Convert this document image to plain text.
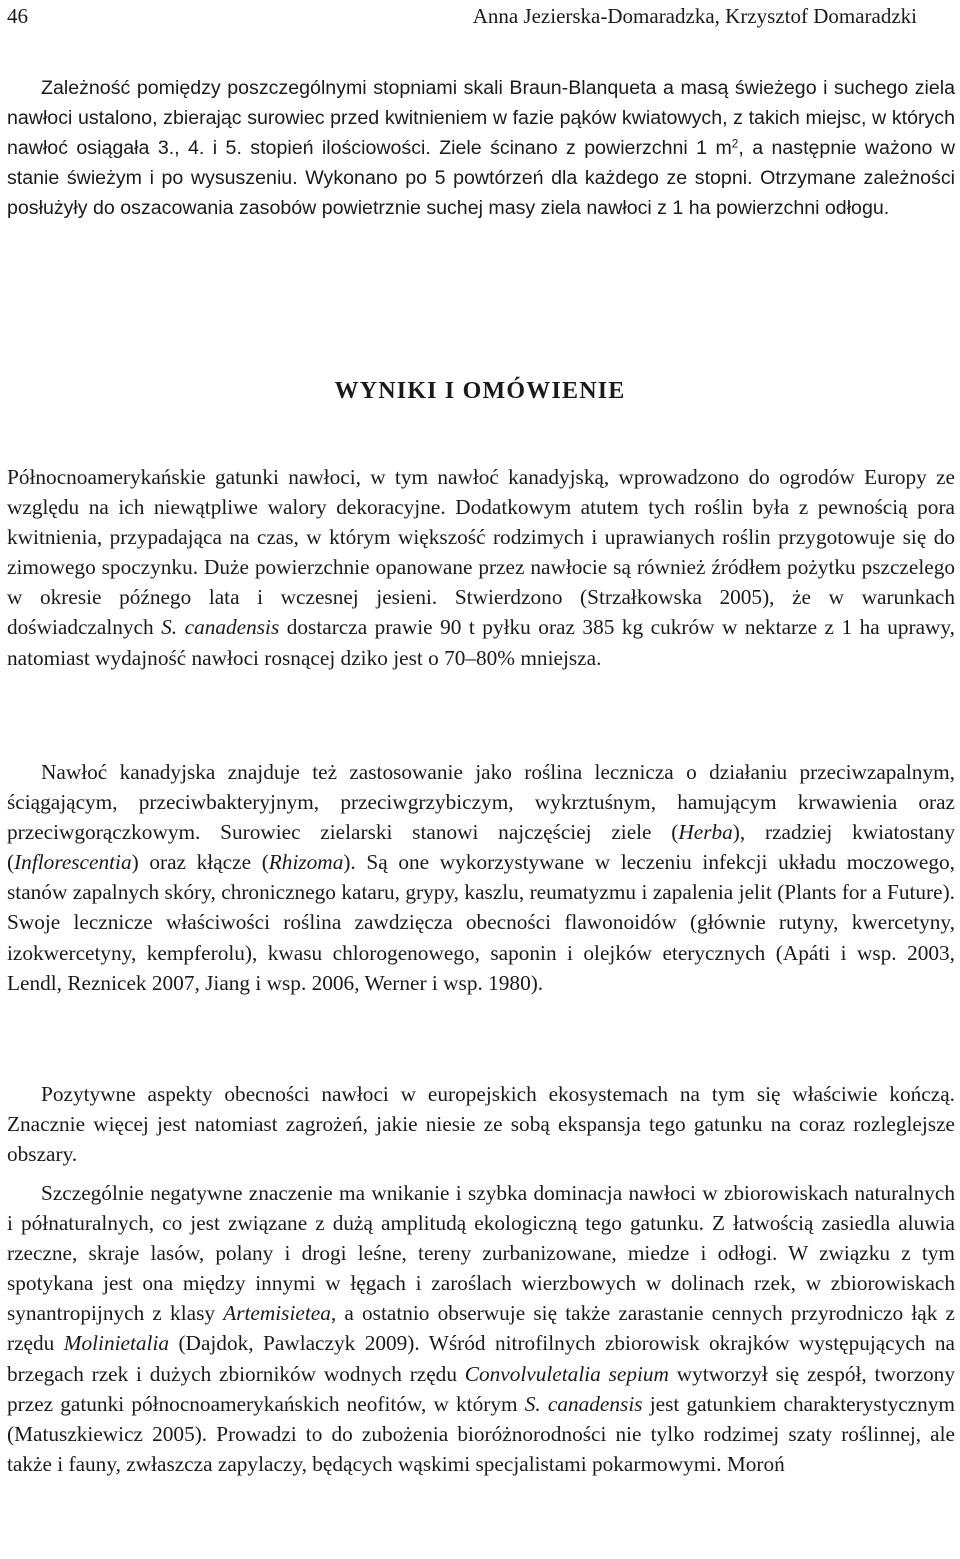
46	Anna Jezierska-Domaradzka, Krzysztof Domaradzki

Zależność pomiędzy poszczególnymi stopniami skali Braun-Blanqueta a masą świeżego i suchego ziela nawłoci ustalono, zbierając surowiec przed kwitnieniem w fazie pąków kwiatowych, z takich miejsc, w których nawłoć osiągała 3., 4. i 5. stopień ilościowości. Ziele ścinano z powierzchni 1 $m^2$, a następnie ważono w stanie świeżym i po wysuszeniu. Wykonano po 5 powtórzeń dla każdego ze stopni. Otrzymane zależności posłużyły do oszacowania zasobów powietrznie suchej masy ziela nawłoci z 1 ha powierzchni odłogu.

WYNIKI I OMÓWIENIE

Północnoamerykańskie gatunki nawłoci, w tym nawłoć kanadyjską, wprowadzono do ogrodów Europy ze względu na ich niewątpliwe walory dekoracyjne. Dodatkowym atutem tych roślin była z pewnością pora kwitnienia, przypadająca na czas, w którym większość rodzimych i uprawianych roślin przygotowuje się do zimowego spoczynku. Duże powierzchnie opanowane przez nawłocie są również źródłem pożytku pszczelego w okresie późnego lata i wczesnej jesieni. Stwierdzono (Strzałkowska 2005), że w warunkach doświadczalnych S. canadensis dostarcza prawie 90 t pyłku oraz 385 kg cukrów w nektarze z 1 ha uprawy, natomiast wydajność nawłoci rosnącej dziko jest o 70–80% mniejsza.

Nawłoć kanadyjska znajduje też zastosowanie jako roślina lecznicza o działaniu przeciwzapalnym, ściągającym, przeciwbakteryjnym, przeciwgrzybiczym, wykrztuśnym, hamującym krwawienia oraz przeciwgorączkowym. Surowiec zielarski stanowi najczęściej ziele (Herba), rzadziej kwiatostany (Inflorescentia) oraz kłącze (Rhizoma). Są one wykorzystywane w leczeniu infekcji układu moczowego, stanów zapalnych skóry, chronicznego kataru, grypy, kaszlu, reumatyzmu i zapalenia jelit (Plants for a Future). Swoje lecznicze właściwości roślina zawdzięcza obecności flawonoidów (głównie rutyny, kwercetyny, izokwercetyny, kempferolu), kwasu chlorogenowego, saponin i olejków eterycznych (Apáti i wsp. 2003, Lendl, Reznicek 2007, Jiang i wsp. 2006, Werner i wsp. 1980).

Pozytywne aspekty obecności nawłoci w europejskich ekosystemach na tym się właściwie kończą. Znacznie więcej jest natomiast zagrożeń, jakie niesie ze sobą ekspansja tego gatunku na coraz rozleglejsze obszary.

Szczególnie negatywne znaczenie ma wnikanie i szybka dominacja nawłoci w zbiorowiskach naturalnych i półnaturalnych, co jest związane z dużą amplitudą ekologiczną tego gatunku. Z łatwością zasiedla aluwia rzeczne, skraje lasów, polany i drogi leśne, tereny zurbanizowane, miedze i odłogi. W związku z tym spotykana jest ona między innymi w łęgach i zaroślach wierzbowych w dolinach rzek, w zbiorowiskach synantropijnych z klasy Artemisietea, a ostatnio obserwuje się także zarastanie cennych przyrodniczo łąk z rzędu Molinietalia (Dajdok, Pawlaczyk 2009). Wśród nitrofilnych zbiorowisk okrajków występujących na brzegach rzek i dużych zbiorników wodnych rzędu Convolvuletalia sepium wytworzył się zespół, tworzony przez gatunki północnoamerykańskich neofitów, w którym S. canadensis jest gatunkiem charakterystycznym (Matuszkiewicz 2005). Prowadzi to do zubożenia bioróżnorodności nie tylko rodzimej szaty roślinnej, ale także i fauny, zwłaszcza zapylaczy, będących wąskimi specjalistami pokarmowymi. Moroń
